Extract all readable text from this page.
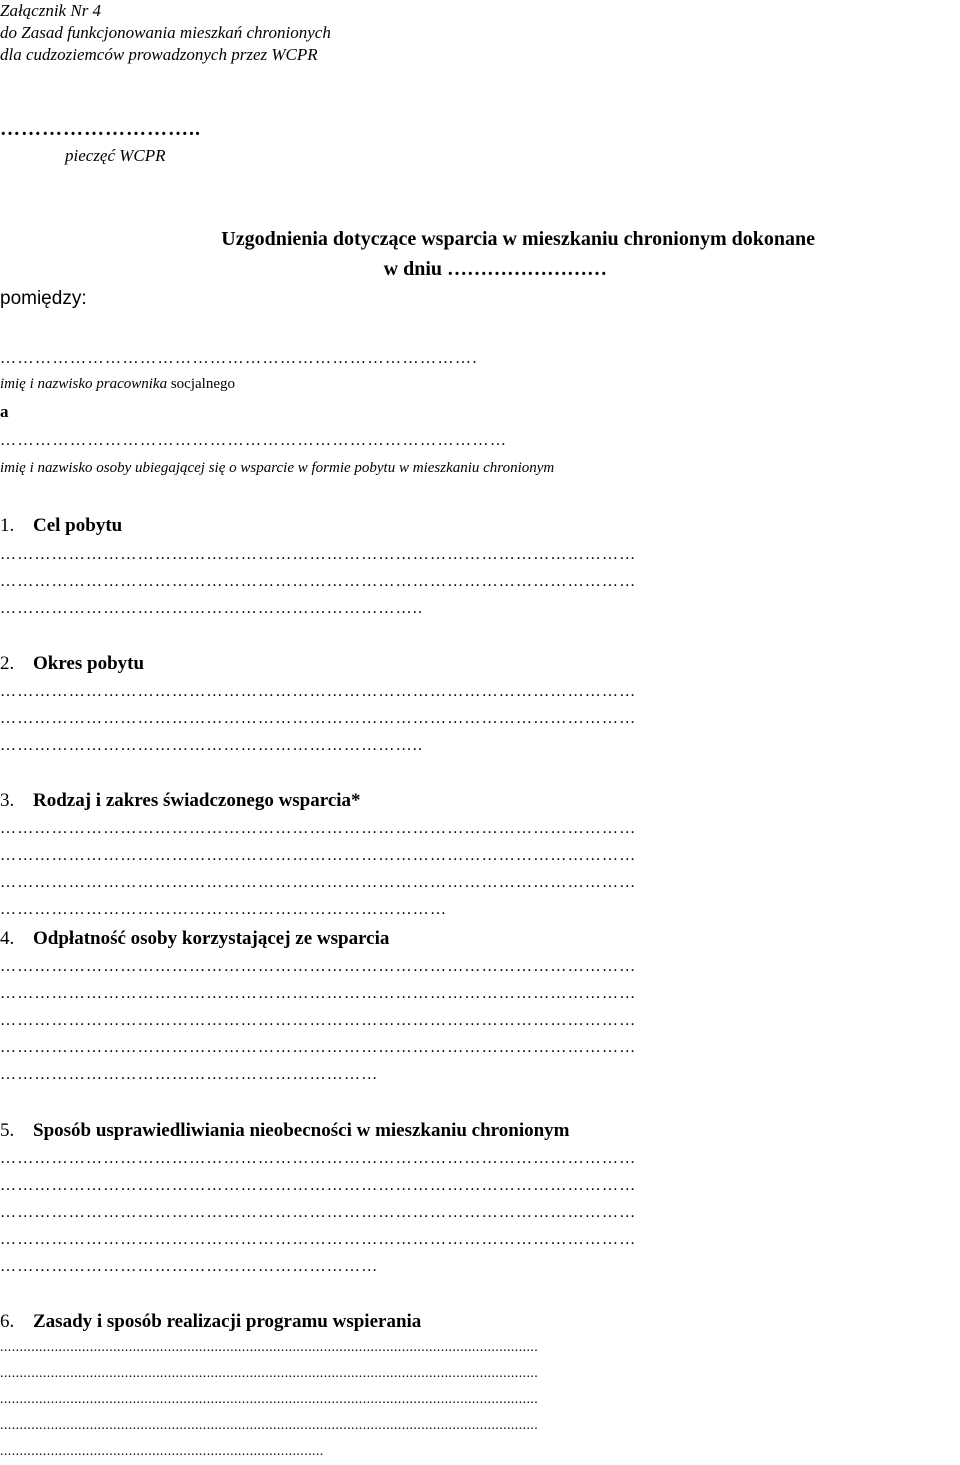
Załącznik Nr 4
do Zasad funkcjonowania mieszkań chronionych
dla cudzoziemców prowadzonych przez WCPR
………………………..
pieczęć WCPR
Uzgodnienia dotyczące wsparcia w mieszkaniu chronionym dokonane
w dniu ……………………
pomiędzy:
……………………………………………………………………….
imię i nazwisko pracownika socjalnego
a
……………………………………………………………………………
imię i nazwisko osoby ubiegającej się o wsparcie w formie pobytu w mieszkaniu chronionym
1. Cel pobytu
…………………………………………………………………………………………………
…………………………………………………………………………………………………
………………………………………………………………..
2. Okres pobytu
…………………………………………………………………………………………………
…………………………………………………………………………………………………
………………………………………………………………..
3. Rodzaj i zakres świadczonego wsparcia*
…………………………………………………………………………………………………
…………………………………………………………………………………………………
…………………………………………………………………………………………………
……………………………………………………………………
4. Odpłatność osoby korzystającej ze wsparcia
…………………………………………………………………………………………………
…………………………………………………………………………………………………
…………………………………………………………………………………………………
…………………………………………………………………………………………………
…………………………………………………………
5. Sposób usprawiedliwiania nieobecności w mieszkaniu chronionym
…………………………………………………………………………………………………
…………………………………………………………………………………………………
…………………………………………………………………………………………………
…………………………………………………………………………………………………
…………………………………………………………
6. Zasady i sposób realizacji programu wspierania
..........................................................................................................................................
..........................................................................................................................................
..........................................................................................................................................
..........................................................................................................................................
...................................................................................
